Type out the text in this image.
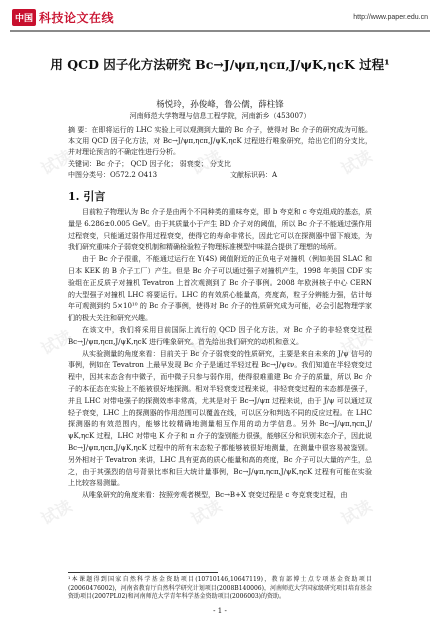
中国 科技论文在线	http://www.paper.edu.cn
用 QCD 因子化方法研究 Bc→J/ψπ,ηcπ,J/ψK,ηcK 过程¹
杨悦玲，孙俊峰，鲁公儒，薛柱锋
河南师范大学物理与信息工程学院，河南新乡（453007）
摘 要：在即将运行的 LHC 实验上可以观测到大量的 Bc 介子，使得对 Bc 介子的研究成为可能。本文用 QCD 因子化方法，对 Bc→J/ψπ,ηcπ,J/ψK,ηcK 过程进行唯象研究，给出它们的分支比，并对理论预言的不确定性进行分析。
关键词：Bc 介子； QCD 因子化； 弱衰变； 分支比
中图分类号：O572.2 O413	文献标识码：A
1. 引言

目前粒子物理认为 Bc 介子是由两个不同种类的重味夸克，即 b 夸克和 c 夸克组成的基态，质量是 6.286±0.005 GeV。由于其质量小于产生 BD 介子对的阈值，所以 Bc 介子不能通过强作用过程衰变，只能通过弱作用过程衰变，使得它的寿命非常长，因此它可以在探测器中留下痕迹，为我们研究重味介子弱衰变机制和精确检验粒子物理标准模型中味混合提供了理想的场所。

由于 Bc 介子很重，不能通过运行在 Υ(4S) 阈值附近的正负电子对撞机（例如美国 SLAC 和日本 KEK 的 B 介子工厂）产生。但是 Bc 介子可以通过强子对撞机产生，1998 年美国 CDF 实验组在正反质子对撞机 Tevatron 上首次观测到了 Bc 介子事例。2008 年欧洲核子中心 CERN 的大型强子对撞机 LHC 将要运行。LHC 的有效质心能量高，亮度高，粒子分辨能力强，估计每年可观测到约 5×10¹⁰ 的 Bc 介子事例，使得对 Bc 介子的性质研究成为可能，必会引起物理学家们的极大关注和研究兴趣。

在该文中，我们将采用目前国际上流行的 QCD 因子化方法，对 Bc 介子的非轻衰变过程 Bc→J/ψπ,ηcπ,J/ψK,ηcK 进行唯象研究。首先给出我们研究的动机和意义。

从实验测量的角度来看：目前关于 Bc 介子弱衰变的性质研究，主要是来自未来的 J/ψ 信号的事例，例如在 Tevatron 上最早发现 Bc 介子是通过半轻过程 Bc→J/ψℓν。我们知道在半轻衰变过程中，因其末态含有中微子，而中微子只参与弱作用，使得很难重建 Bc 介子的质量，所以 Bc 介子的本征态在实验上不能被很好地探测。相对半轻衰变过程来说，非轻衰变过程的末态都是强子，并且 LHC 对带电强子的探测效率非常高，尤其是对于 Bc→J/ψπ 过程来说，由于 J/ψ 可以通过双轻子衰变，LHC 上的探测器的作用范围可以覆盖在线，可以区分和判选不同的反应过程。在 LHC 探测器的有效范围内，能够比较精确地测量相互作用的动力学信息。另外 Bc→J/ψπ,ηcπ,J/ψK,ηcK 过程，LHC 对带电 K 介子和 π 介子的鉴别能力很强，能够区分和识别末态介子，因此说 Bc→J/ψπ,ηcπ,J/ψK,ηcK 过程中的所有末态粒子都能够被很好地测量，在测量中很容易被鉴别。另外相对于 Tevatron 来讲，LHC 具有更高的质心能量和高的亮度，Bc 介子可以大量的产生，总之，由于其强烈的信号背景比率和巨大统计量事例，Bc→J/ψπ,ηcπ,J/ψK,ηcK 过程有可能在实验上比较容易测量。

从唯象研究的角度来看：按照旁观者模型，Bc→B+X 衰变过程是 c 夸克衰变过程，由

¹本课题得到国家自然科学基金资助项目(10710146,10647119)，教育部博士点专项基金资助项目(20060476002)，河南省教育厅自然科学研究计划项目(2008B140006)，河南师范大学国家级研究项目培育基金资助项目(2007PL02)和河南师范大学青年科学基金资助项目(2006003)的资助。
- 1 -
试读	试读	试读
试读	试读	试读
试读	试读	试读
